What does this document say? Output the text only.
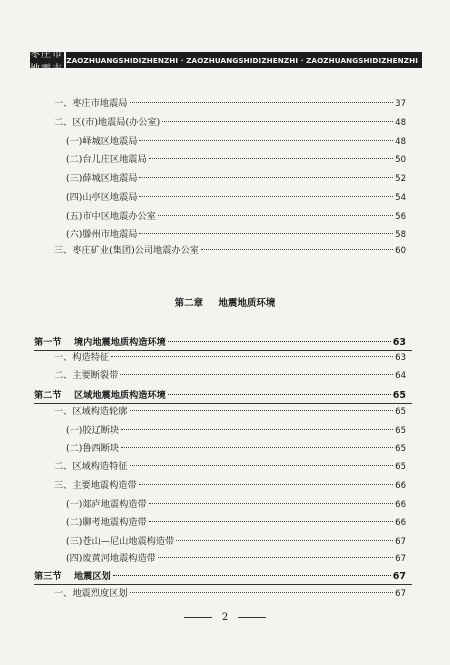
枣庄市地震志
ZAOZHUANGSHIDIZHENZHI · ZAOZHUANGSHIDIZHENZHI · ZAOZHUANGSHIDIZHENZHI
一、枣庄市地震局	37
二、区(市)地震局(办公室)	48
(一)峄城区地震局	48
(二)台儿庄区地震局	50
(三)薛城区地震局	52
(四)山亭区地震局	54
(五)市中区地震办公室	56
(六)滕州市地震局	58
三、枣庄矿业(集团)公司地震办公室	60
第一节	境内地震地质构造环境	63
一、构造特征	63
二、主要断裂带	64
第二节	区域地震地质构造环境	65
一、区域构造轮廓	65
(一)胶辽断块	65
(二)鲁西断块	65
二、区域构造特征	65
三、主要地震构造带	66
(一)郯庐地震构造带	66
(二)聊考地震构造带	66
(三)苍山—尼山地震构造带	67
(四)废黄河地震构造带	67
第三节	地震区划	67
一、地震烈度区划	67
第二章 地震地质环境
2
